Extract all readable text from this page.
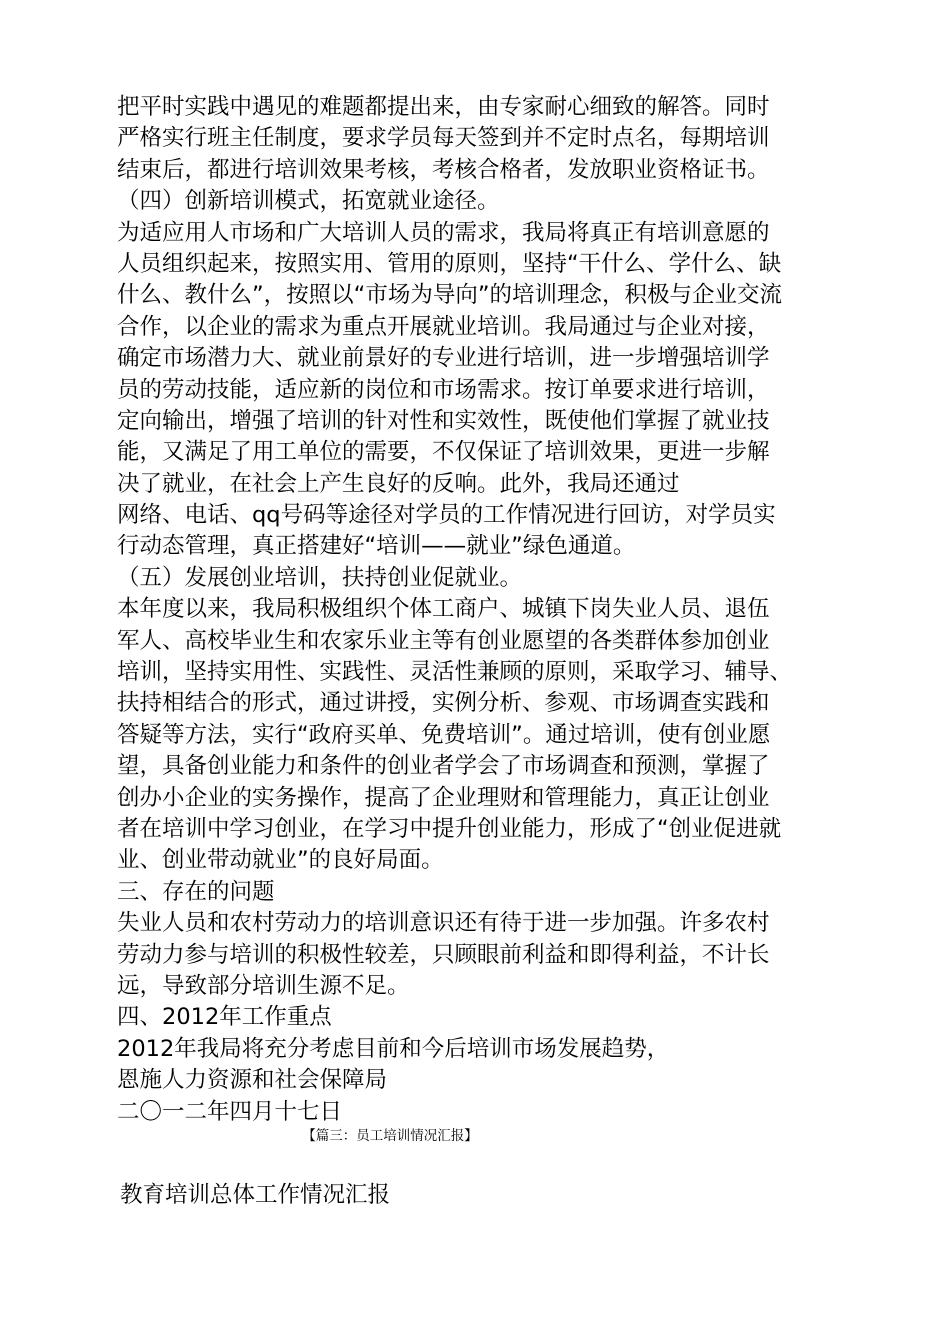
把平时实践中遇见的难题都提出来，由专家耐心细致的解答。同时
严格实行班主任制度，要求学员每天签到并不定时点名，每期培训
结束后，都进行培训效果考核，考核合格者，发放职业资格证书。
（四）创新培训模式，拓宽就业途径。
为适应用人市场和广大培训人员的需求，我局将真正有培训意愿的
人员组织起来，按照实用、管用的原则，坚持“干什么、学什么、缺
什么、教什么”，按照以“市场为导向”的培训理念，积极与企业交流
合作，以企业的需求为重点开展就业培训。我局通过与企业对接，
确定市场潜力大、就业前景好的专业进行培训，进一步增强培训学
员的劳动技能，适应新的岗位和市场需求。按订单要求进行培训，
定向输出，增强了培训的针对性和实效性，既使他们掌握了就业技
能，又满足了用工单位的需要，不仅保证了培训效果，更进一步解
决了就业，在社会上产生良好的反响。此外，我局还通过
网络、电话、qq号码等途径对学员的工作情况进行回访，对学员实
行动态管理，真正搭建好“培训——就业”绿色通道。
（五）发展创业培训，扶持创业促就业。
本年度以来，我局积极组织个体工商户、城镇下岗失业人员、退伍
军人、高校毕业生和农家乐业主等有创业愿望的各类群体参加创业
培训，坚持实用性、实践性、灵活性兼顾的原则，采取学习、辅导、
扶持相结合的形式，通过讲授，实例分析、参观、市场调查实践和
答疑等方法，实行“政府买单、免费培训”。通过培训，使有创业愿
望，具备创业能力和条件的创业者学会了市场调查和预测，掌握了
创办小企业的实务操作，提高了企业理财和管理能力，真正让创业
者在培训中学习创业，在学习中提升创业能力，形成了“创业促进就
业、创业带动就业”的良好局面。
三、存在的问题
失业人员和农村劳动力的培训意识还有待于进一步加强。许多农村
劳动力参与培训的积极性较差，只顾眼前利益和即得利益，不计长
远，导致部分培训生源不足。
四、2012年工作重点
2012年我局将充分考虑目前和今后培训市场发展趋势，
恩施人力资源和社会保障局
二〇一二年四月十七日
【篇三：员工培训情况汇报】
教育培训总体工作情况汇报
